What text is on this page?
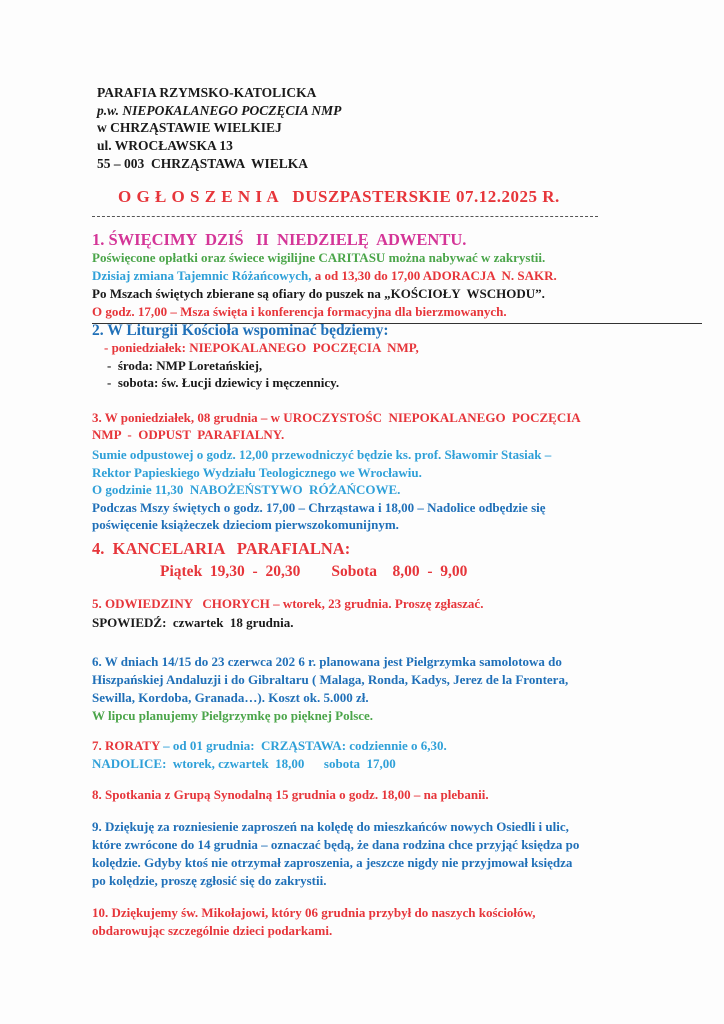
PARAFIA RZYMSKO-KATOLICKA
p.w. NIEPOKALANEGO POCZĘCIA NMP
w CHRZĄSTAWIE WIELKIEJ
ul. WROCŁAWSKA 13
55 – 003  CHRZĄSTAWA  WIELKA
O G Ł O S Z E N I A   DUSZPASTERSKIE 07.12.2025 R.
1. ŚWIĘCIMY  DZIŚ   II  NIEDZIELĘ  ADWENTU.
Poświęcone opłatki oraz świece wigilijne CARITASU można nabywać w zakrystii.
Dzisiaj zmiana Tajemnic Różańcowych, a od 13,30 do 17,00 ADORACJA  N. SAKR.
Po Mszach świętych zbierane są ofiary do puszek na „KOŚCIOŁY  WSCHODU”.
O godz. 17,00 – Msza święta i konferencja formacyjna dla bierzmowanych.
2. W Liturgii Kościoła wspominać będziemy:
- poniedziałek: NIEPOKALANEGO  POCZĘCIA  NMP,
-  środa: NMP Loretańskiej,
-  sobota: św. Łucji dziewicy i męczennicy.
3. W poniedziałek, 08 grudnia – w UROCZYSTOŚC  NIEPOKALANEGO  POCZĘCIA
NMP  -  ODPUST  PARAFIALNY.
Sumie odpustowej o godz. 12,00 przewodniczyć będzie ks. prof. Sławomir Stasiak –
Rektor Papieskiego Wydziału Teologicznego we Wrocławiu.
O godzinie 11,30  NABOŻEŃSTYWO  RÓŻAŃCOWE.
Podczas Mszy świętych o godz. 17,00 – Chrząstawa i 18,00 – Nadolice odbędzie się
poświęcenie książeczek dzieciom pierwszokomunijnym.
4.  KANCELARIA   PARAFIALNA:
Piątek  19,30  -  20,30        Sobota    8,00  -  9,00
5. ODWIEDZINY   CHORYCH – wtorek, 23 grudnia. Proszę zgłaszać.
SPOWIEDŹ:  czwartek  18 grudnia.
6. W dniach 14/15 do 23 czerwca 202 6 r. planowana jest Pielgrzymka samolotowa do
Hiszpańskiej Andaluzji i do Gibraltaru ( Malaga, Ronda, Kadys, Jerez de la Frontera,
Sewilla, Kordoba, Granada…). Koszt ok. 5.000 zł.
W lipcu planujemy Pielgrzymkę po pięknej Polsce.
7. RORATY – od 01 grudnia:  CRZĄSTAWA: codziennie o 6,30.
NADOLICE:  wtorek, czwartek  18,00      sobota  17,00
8. Spotkania z Grupą Synodalną 15 grudnia o godz. 18,00 – na plebanii.
9. Dziękuję za rozniesienie zaproszeń na kolędę do mieszkańców nowych Osiedli i ulic,
które zwrócone do 14 grudnia – oznaczać będą, że dana rodzina chce przyjąć księdza po
kolędzie. Gdyby ktoś nie otrzymał zaproszenia, a jeszcze nigdy nie przyjmował księdza
po kolędzie, proszę zgłosić się do zakrystii.
10. Dziękujemy św. Mikołajowi, który 06 grudnia przybył do naszych kościołów,
obdarowując szczególnie dzieci podarkami.
